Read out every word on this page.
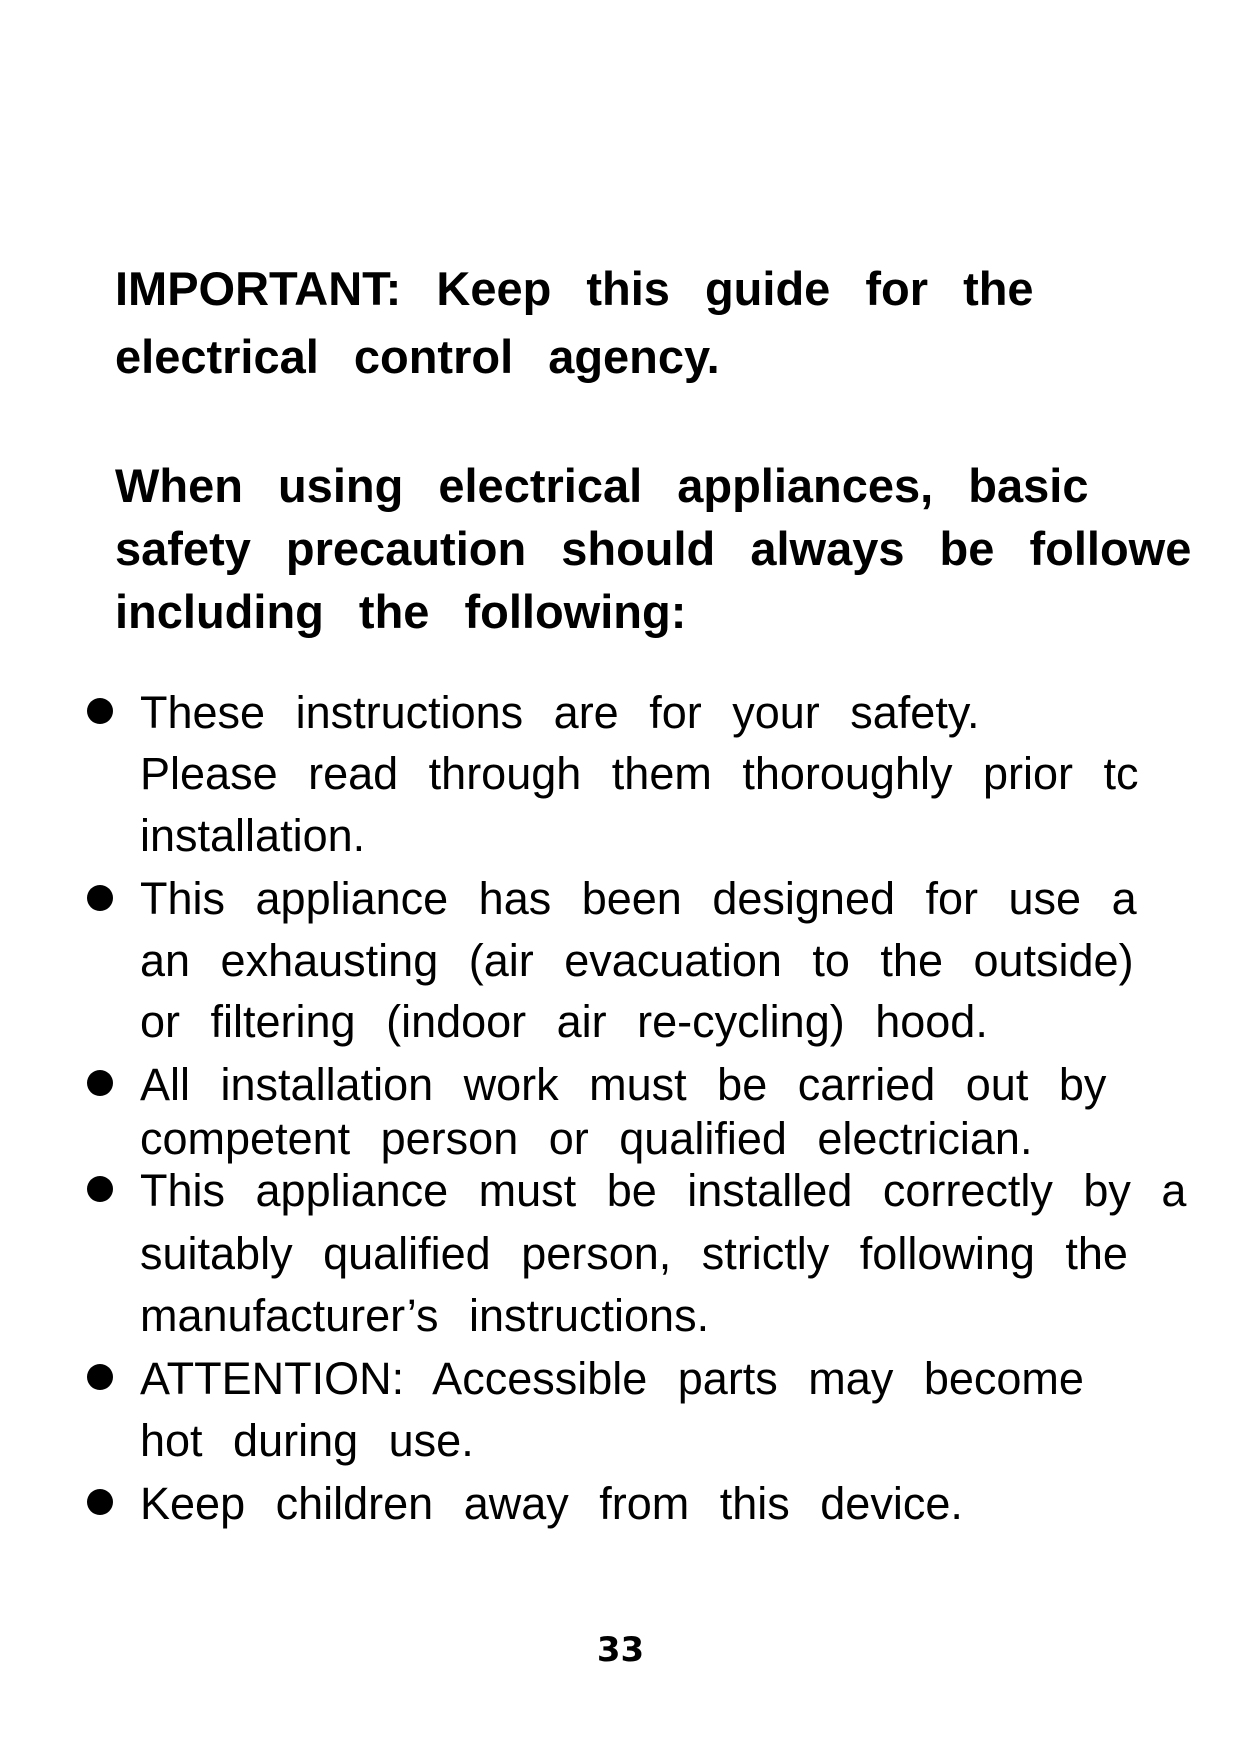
IMPORTANT: Keep this guide for the

electrical control agency.

When using electrical appliances, basic

safety precaution should always be followe

including the following:

These instructions are for your safety.

Please read through them thoroughly prior tc

installation.

This appliance has been designed for use a

an exhausting (air evacuation to the outside)

or filtering (indoor air re-cycling) hood.

All installation work must be carried out by

competent person or qualified electrician.

This appliance must be installed correctly by a

suitably qualified person, strictly following the

manufacturer’s instructions.

ATTENTION: Accessible parts may become

hot during use.

Keep children away from this device.

33
